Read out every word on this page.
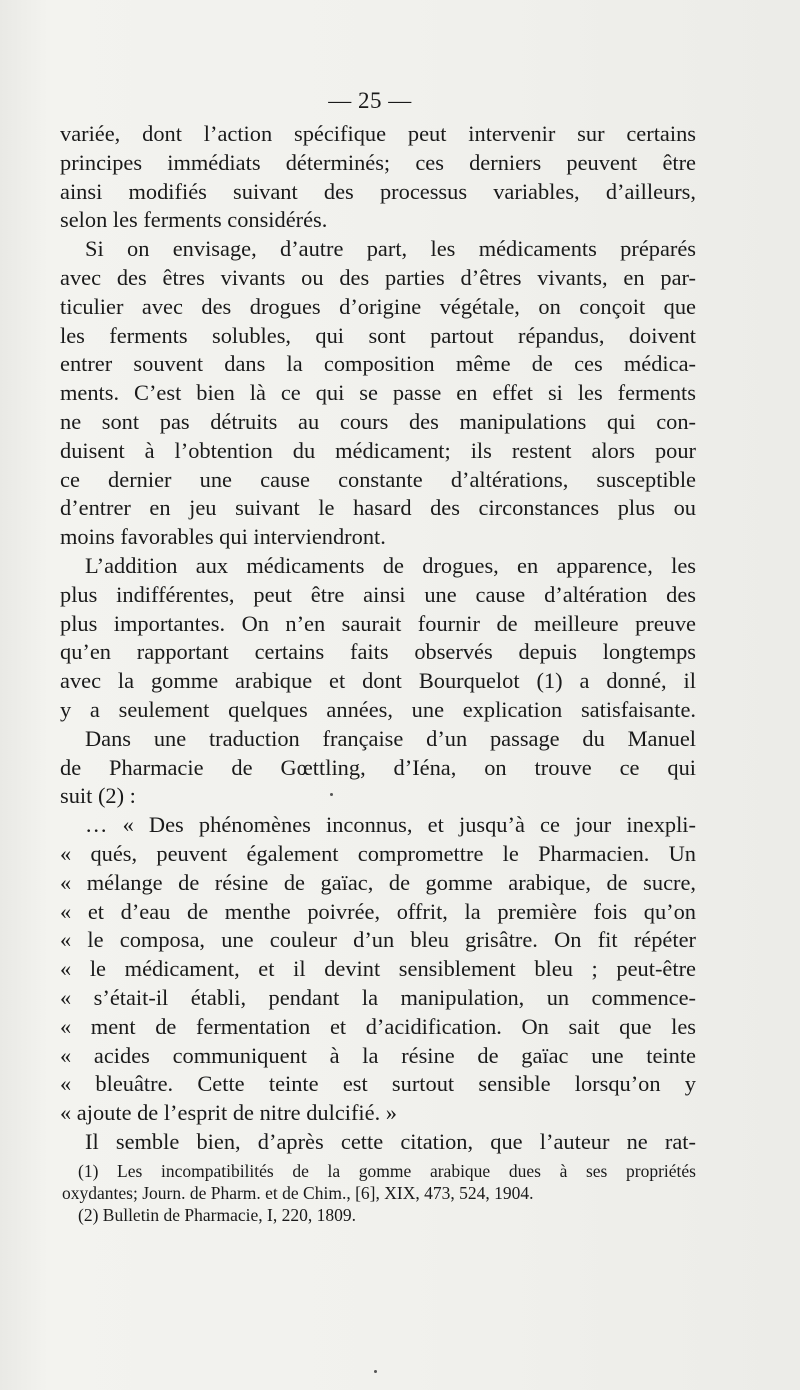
— 25 —
variée, dont l’action spécifique peut intervenir sur certains
principes immédiats déterminés; ces derniers peuvent être
ainsi modifiés suivant des processus variables, d’ailleurs,
selon les ferments considérés.
Si on envisage, d’autre part, les médicaments préparés
avec des êtres vivants ou des parties d’êtres vivants, en par-
ticulier avec des drogues d’origine végétale, on conçoit que
les ferments solubles, qui sont partout répandus, doivent
entrer souvent dans la composition même de ces médica-
ments. C’est bien là ce qui se passe en effet si les ferments
ne sont pas détruits au cours des manipulations qui con-
duisent à l’obtention du médicament; ils restent alors pour
ce dernier une cause constante d’altérations, susceptible
d’entrer en jeu suivant le hasard des circonstances plus ou
moins favorables qui interviendront.
L’addition aux médicaments de drogues, en apparence, les
plus indifférentes, peut être ainsi une cause d’altération des
plus importantes. On n’en saurait fournir de meilleure preuve
qu’en rapportant certains faits observés depuis longtemps
avec la gomme arabique et dont Bourquelot (1) a donné, il
y a seulement quelques années, une explication satisfaisante.
Dans une traduction française d’un passage du Manuel
de Pharmacie de Gœttling, d’Iéna, on trouve ce qui
suit (2) :
… « Des phénomènes inconnus, et jusqu’à ce jour inexpli-
« qués, peuvent également compromettre le Pharmacien. Un
« mélange de résine de gaïac, de gomme arabique, de sucre,
« et d’eau de menthe poivrée, offrit, la première fois qu’on
« le composa, une couleur d’un bleu grisâtre. On fit répéter
« le médicament, et il devint sensiblement bleu ; peut-être
« s’était-il établi, pendant la manipulation, un commence-
« ment de fermentation et d’acidification. On sait que les
« acides communiquent à la résine de gaïac une teinte
« bleuâtre. Cette teinte est surtout sensible lorsqu’on y
« ajoute de l’esprit de nitre dulcifié. »
Il semble bien, d’après cette citation, que l’auteur ne rat-
(1) Les incompatibilités de la gomme arabique dues à ses propriétés
oxydantes; Journ. de Pharm. et de Chim., [6], XIX, 473, 524, 1904.
(2) Bulletin de Pharmacie, I, 220, 1809.
